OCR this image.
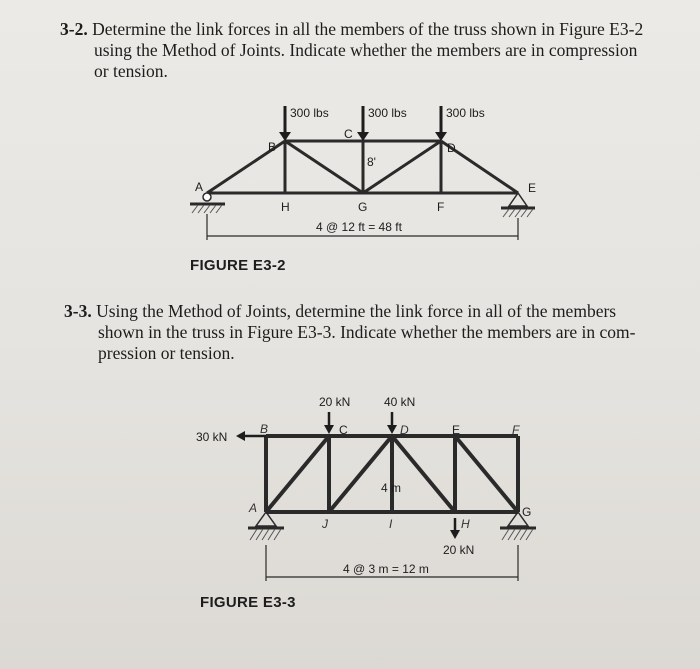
3-2. Determine the link forces in all the members of the truss shown in Figure E3-2
using the Method of Joints. Indicate whether the members are in compression
or tension.
300 lbs	300 lbs	300 lbs
A
B
C
D
E
F
G
H
8'
4 @ 12 ft = 48 ft
FIGURE E3-2
3-3. Using the Method of Joints, determine the link force in all of the members
shown in the truss in Figure E3-3. Indicate whether the members are in com-
pression or tension.
30 kN
20 kN	40 kN
20 kN
A
B	C	D	E	F
G
H
I
J
4 m
4 @ 3 m = 12 m
FIGURE E3-3
